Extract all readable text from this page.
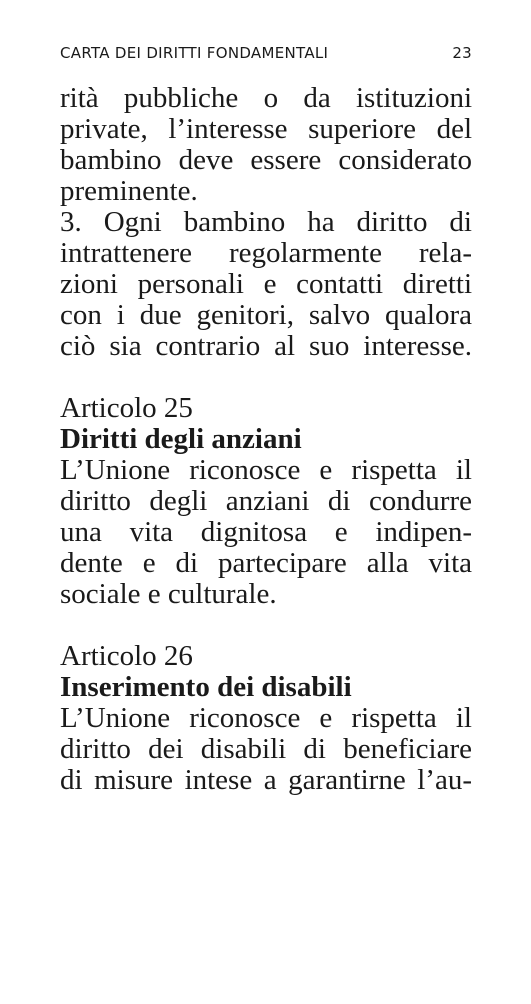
CARTA DEI DIRITTI FONDAMENTALI	23
rità pubbliche o da istituzioni
private, l’interesse superiore del
bambino deve essere considerato
preminente.
3. Ogni bambino ha diritto di
intrattenere regolarmente rela-
zioni personali e contatti diretti
con i due genitori, salvo qualora
ciò sia contrario al suo interesse.
Articolo 25
Diritti degli anziani
L’Unione riconosce e rispetta il
diritto degli anziani di condurre
una vita dignitosa e indipen-
dente e di partecipare alla vita
sociale e culturale.
Articolo 26
Inserimento dei disabili
L’Unione riconosce e rispetta il
diritto dei disabili di beneficiare
di misure intese a garantirne l’au-
